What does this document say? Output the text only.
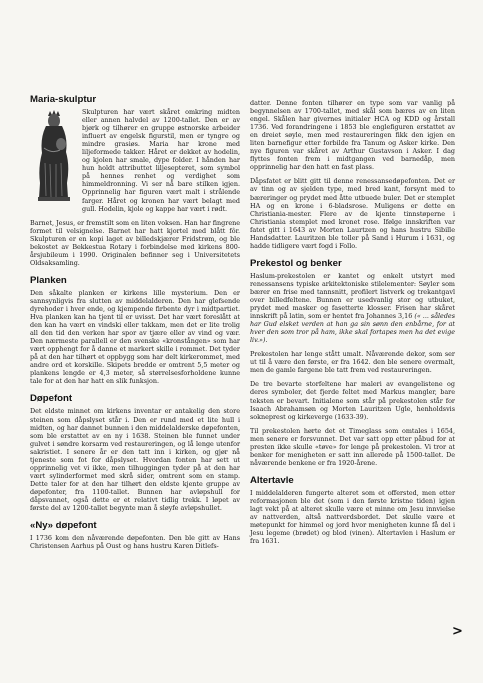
Maria-skulptur

Skulpturen har vært skåret omkring midten eller annen halvdel av 1200-tallet. Den er av bjørk og tilhører en gruppe østnorske arbeider influert av engelsk figurstil, men er tyngre og mindre grasiøs. Maria har krone med liljeformede takker. Håret er dekket av hodelin, og kjolen har smale, dype folder. I hånden har hun holdt attributtet liljesepteret, som symbol på hennes renhet og verdighet som himmeldronning. Vi ser nå bare stilken igjen. Opprinnelig har figuren vært malt i strålende farger. Håret og kronen har vært belagt med gull. Hodelin, kjole og kappe har vært i rødt.

Barnet, Jesus, er fremstilt som en liten voksen. Han har fingrene formet til velsignelse. Barnet har hatt kjortel med blått fôr. Skulpturen er en kopi laget av billedskjærer Fridstrøm, og ble bekostet av Bekkestua Rotary i forbindelse med kirkens 800-årsjubileum i 1990. Originalen befinner seg i Universitetets Oldsaksamling.

Planken

Den såkalte planken er kirkens lille mysterium. Den er sannsynligvis fra slutten av middelalderen. Den har glefsende dyrehoder i hver ende, og kjempende firbente dyr i midtpartiet. Hva planken kan ha tjent til er uvisst. Det har vært foreslått at den kan ha vært en vindski eller takkam, men det er lite trolig all den tid den verken har spor av tjære eller av vind og vær. Den nærmeste parallell er den svenske «kronstången» som har vært opphengt for å danne et markert skille i rommet. Det tyder på at den har tilhørt et oppbygg som har delt kirkerommet, med andre ord et korskille. Skipets bredde er omtrent 5,5 meter og plankens lengde er 4,3 meter, så størrelsesforholdene kunne tale for at den har hatt en slik funksjon.

Døpefont

Det eldste minnet om kirkens inventar er antakelig den store steinen som dåpslyset står i. Den er rund med et lite hull i midten, og har dannet bunnen i den middelalderske døpefonten, som ble erstattet av en ny i 1638. Steinen ble funnet under gulvet i søndre korsarm ved restaureringen, og lå lenge utenfor sakristiet. I senere år er den tatt inn i kirken, og gjør nå tjeneste som fot for dåpslyset. Hvordan fonten har sett ut opprinnelig vet vi ikke, men tilhuggingen tyder på at den har vært sylinderformet med skrå sider, omtrent som en stamp. Dette taler for at den har tilhørt den eldste kjente gruppe av døpefonter, fra 1100-tallet. Bunnen har avløpshull for dåpsvannet, også dette er et relativt tidlig trekk. I løpet av første del av 1200-tallet begynte man å sløyfe avløpshullet.

«Ny» døpefont

I 1736 kom den nåværende døpefonten. Den ble gitt av Hans Christensen Aarhus på Oust og hans hustru Karen Ditlefs-

datter. Denne fonten tilhører en type som var vanlig på begynnelsen av 1700-tallet, med skål som bæres av en liten engel. Skålen har givernes initialer HCA og KDD og årstall 1736. Ved forandringene i 1853 ble englefiguren erstattet av en dreiet søyle, men med restaureringen fikk den igjen en liten barnefigur etter forbilde fra Tanum og Asker kirke. Den nye figuren var skåret av Arthur Gustavson i Asker. I dag flyttes fonten frem i midtgangen ved barnedåp, men opprinnelig har den hatt en fast plass.

Dåpsfatet er blitt gitt til denne renessansedøpefonten. Det er av tinn og av sjelden type, med bred kant, forsynt med to bæreringer og prydet med åtte utbuede buler. Det er stemplet HA og en krone i 6-bladsrose. Muligens er dette en Christiania-mester. Flere av de kjente tinnstøperne i Christiania stemplet med kronet rose. Ifølge innskriften var fatet gitt i 1643 av Morten Laurtzen og hans hustru Sibille Handsdatter. Lauritzen ble toller på Sand i Hurum i 1631, og hadde tidligere vært fogd i Follo.

Prekestol og benker

Haslum-prekestolen er kantet og enkelt utstyrt med renessansens typiske arkitektoniske stilelementer: Søyler som bærer en frise med tannsnitt, profilert listverk og trekantgavl over billedfeltene. Bunnen er usedvanlig stor og utbuket, prydet med masker og fasetterte klosser. Frisen har skåret innskrift på latin, som er hentet fra Johannes 3,16 (« ... således har Gud elsket verden at han ga sin sønn den enbårne, for at hver den som tror på ham, ikke skal fortapes men ha det evige liv.»).

Prekestolen har lenge stått umalt. Nåværende dekor, som ser ut til å være den første, er fra 1642. den ble senere overmalt, men de gamle fargene ble tatt frem ved restaureringen.

De tre bevarte storfeltene har maleri av evangelistene og deres symboler, det fjerde feltet med Markus mangler, bare teksten er bevart. Initialene som står på prekestolen står for Isaach Abrahamsøn og Morten Lauritzen Ugle, henholdsvis sokneprest og kirkeverge (1633-39).

Til prekestolen hørte det et Timeglass som omtales i 1654, men senere er forsvunnet. Det var satt opp etter påbud for at presten ikke skulle «tøve» for lenge på prekestolen. Vi tror at benker for menigheten er satt inn allerede på 1500-tallet. De nåværende benkene er fra 1920-årene.

Altertavle

I middelalderen fungerte alteret som et offersted, men etter reformasjonen ble det (som i den første kristne tiden) igjen lagt vekt på at alteret skulle være et minne om Jesu innvielse av nattverden, altså nattverdsbordet. Det skulle være et møtepunkt for himmel og jord hvor menigheten kunne få del i Jesu legeme (brødet) og blod (vinen). Altertavlen i Haslum er fra 1631.

>
